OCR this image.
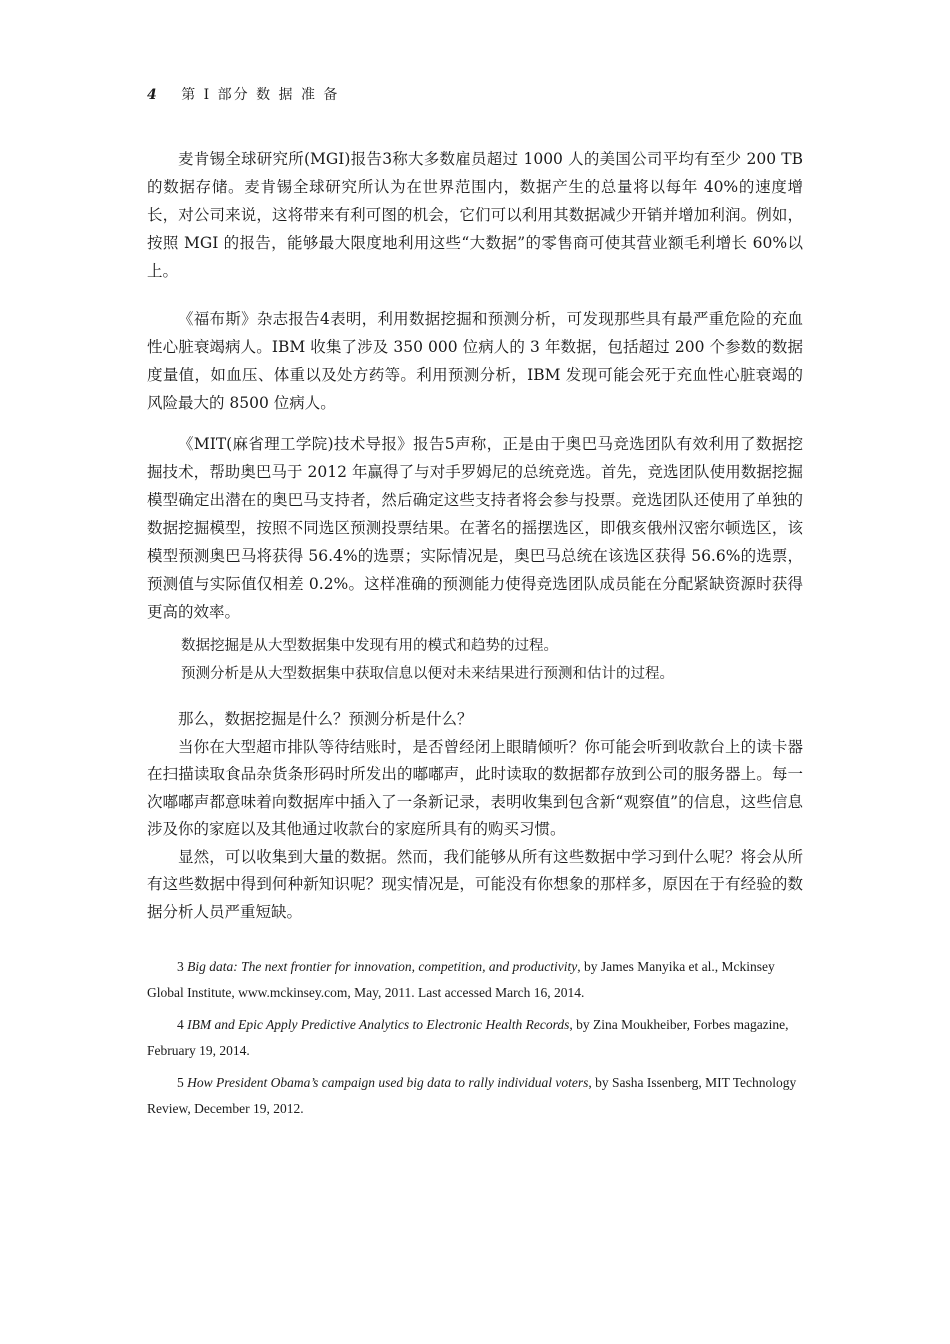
4 第 I 部分 数 据 准 备

麦肯锡全球研究所(MGI)报告3称大多数雇员超过 1000 人的美国公司平均有至少 200 TB 的数据存储。麦肯锡全球研究所认为在世界范围内，数据产生的总量将以每年 40%的速度增长，对公司来说，这将带来有利可图的机会，它们可以利用其数据减少开销并增加利润。例如，按照 MGI 的报告，能够最大限度地利用这些“大数据”的零售商可使其营业额毛利增长 60%以上。

《福布斯》杂志报告4表明，利用数据挖掘和预测分析，可发现那些具有最严重危险的充血性心脏衰竭病人。IBM 收集了涉及 350 000 位病人的 3 年数据，包括超过 200 个参数的数据度量值，如血压、体重以及处方药等。利用预测分析，IBM 发现可能会死于充血性心脏衰竭的风险最大的 8500 位病人。

《MIT(麻省理工学院)技术导报》报告5声称，正是由于奥巴马竞选团队有效利用了数据挖掘技术，帮助奥巴马于 2012 年赢得了与对手罗姆尼的总统竞选。首先，竞选团队使用数据挖掘模型确定出潜在的奥巴马支持者，然后确定这些支持者将会参与投票。竞选团队还使用了单独的数据挖掘模型，按照不同选区预测投票结果。在著名的摇摆选区，即俄亥俄州汉密尔顿选区，该模型预测奥巴马将获得 56.4%的选票；实际情况是，奥巴马总统在该选区获得 56.6%的选票，预测值与实际值仅相差 0.2%。这样准确的预测能力使得竞选团队成员能在分配紧缺资源时获得更高的效率。

数据挖掘是从大型数据集中发现有用的模式和趋势的过程。
预测分析是从大型数据集中获取信息以便对未来结果进行预测和估计的过程。

那么，数据挖掘是什么？预测分析是什么？

当你在大型超市排队等待结账时，是否曾经闭上眼睛倾听？你可能会听到收款台上的读卡器在扫描读取食品杂货条形码时所发出的嘟嘟声，此时读取的数据都存放到公司的服务器上。每一次嘟嘟声都意味着向数据库中插入了一条新记录，表明收集到包含新“观察值”的信息，这些信息涉及你的家庭以及其他通过收款台的家庭所具有的购买习惯。

显然，可以收集到大量的数据。然而，我们能够从所有这些数据中学习到什么呢？将会从所有这些数据中得到何种新知识呢？现实情况是，可能没有你想象的那样多，原因在于有经验的数据分析人员严重短缺。

3 Big data: The next frontier for innovation, competition, and productivity, by James Manyika et al., Mckinsey Global Institute, www.mckinsey.com, May, 2011. Last accessed March 16, 2014.

4 IBM and Epic Apply Predictive Analytics to Electronic Health Records, by Zina Moukheiber, Forbes magazine, February 19, 2014.

5 How President Obama’s campaign used big data to rally individual voters, by Sasha Issenberg, MIT Technology Review, December 19, 2012.
